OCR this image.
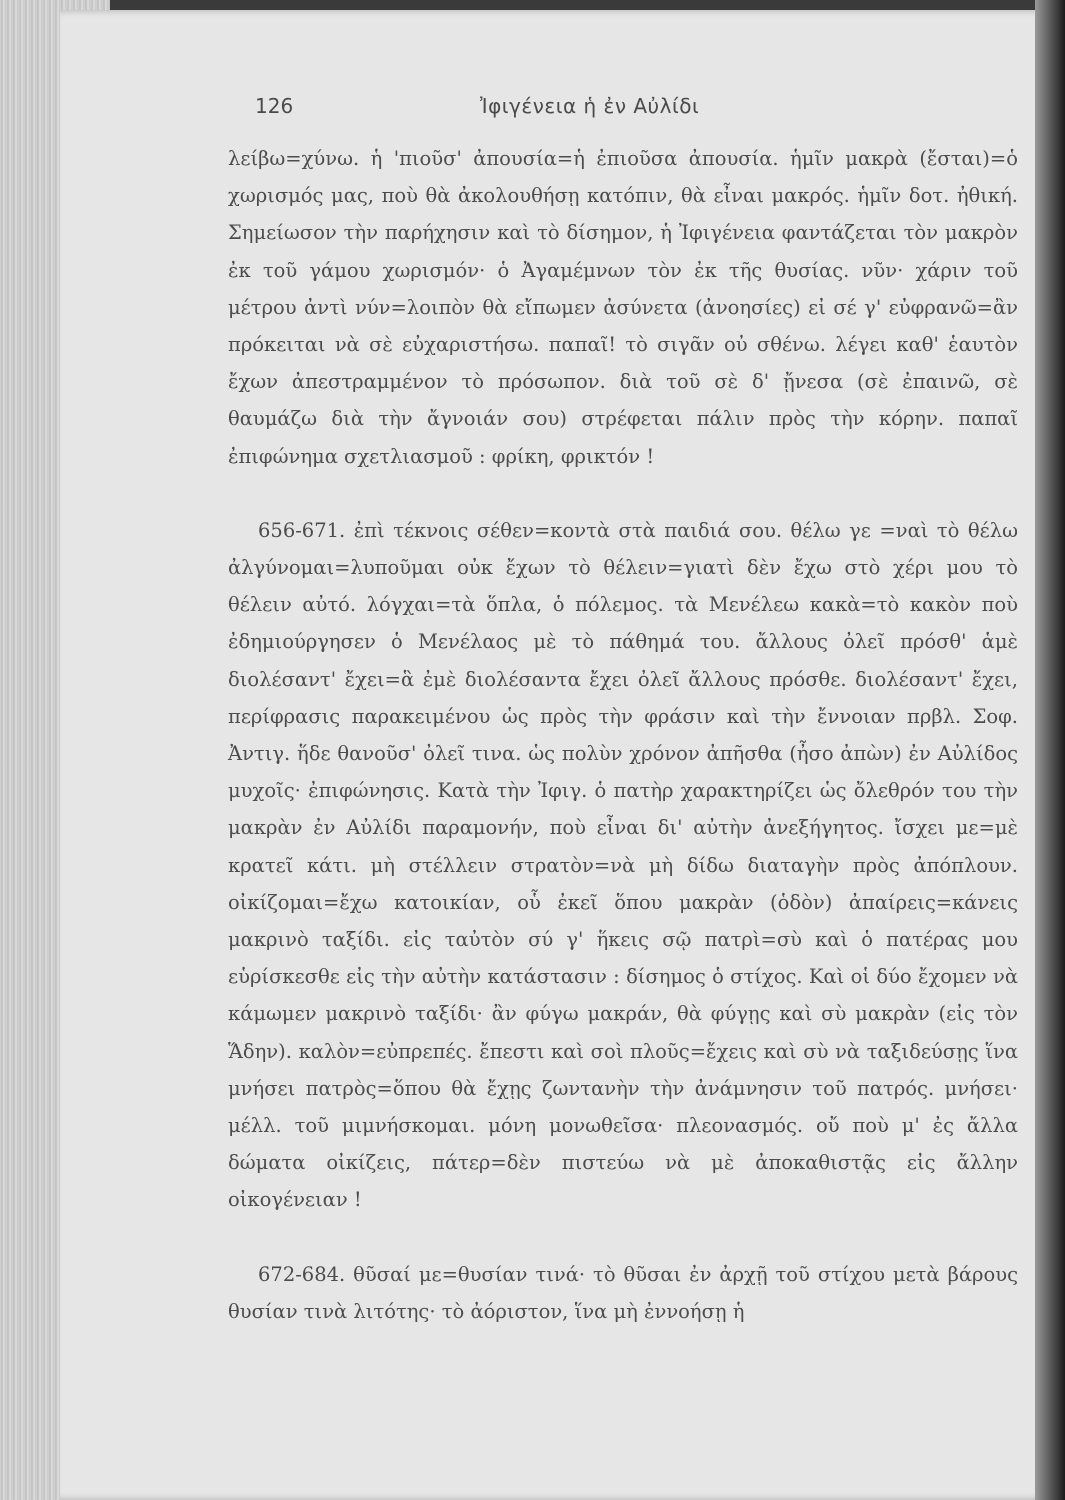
126	Ἰφιγένεια ἡ ἐν Αὐλίδι

λείβω=χύνω. ἡ 'πιοῦσ' ἀπουσία=ἡ ἐπιοῦσα ἀπουσία. ἡμῖν μακρὰ (ἔσται)=ὁ χωρισμός μας, ποὺ θὰ ἀκολουθήσῃ κατόπιν, θὰ εἶναι μακρός. ἡμῖν δοτ. ἠθική. Σημείωσον τὴν παρήχησιν καὶ τὸ δίσημον, ἡ Ἰφιγένεια φαντάζεται τὸν μακρὸν ἐκ τοῦ γάμου χωρισμόν· ὁ Ἀγαμέμνων τὸν ἐκ τῆς θυσίας. νῦν· χάριν τοῦ μέτρου ἀντὶ νύν=λοιπὸν θὰ εἴπωμεν ἀσύνετα (ἀνοησίες) εἰ σέ γ' εὐφρανῶ=ἂν πρόκειται νὰ σὲ εὐχαριστήσω. παπαῖ! τὸ σιγᾶν οὐ σθένω. λέγει καθ' ἑαυτὸν ἔχων ἀπεστραμμένον τὸ πρόσωπον. διὰ τοῦ σὲ δ' ᾔνεσα (σὲ ἐπαινῶ, σὲ θαυμάζω διὰ τὴν ἄγνοιάν σου) στρέφεται πάλιν πρὸς τὴν κόρην. παπαῖ ἐπιφώνημα σχετλιασμοῦ : φρίκη, φρικτόν !

656-671. ἐπὶ τέκνοις σέθεν=κοντὰ στὰ παιδιά σου. θέλω γε =ναὶ τὸ θέλω ἀλγύνομαι=λυποῦμαι οὐκ ἔχων τὸ θέλειν=γιατὶ δὲν ἔχω στὸ χέρι μου τὸ θέλειν αὐτό. λόγχαι=τὰ ὅπλα, ὁ πόλεμος. τὰ Μενέλεω κακὰ=τὸ κακὸν ποὺ ἐδημιούργησεν ὁ Μενέλαος μὲ τὸ πάθημά του. ἄλλους ὀλεῖ πρόσθ' ἁμὲ διολέσαντ' ἔχει=ἃ ἐμὲ διολέσαντα ἔχει ὀλεῖ ἄλλους πρόσθε. διολέσαντ' ἔχει, περίφρασις παρακειμένου ὡς πρὸς τὴν φράσιν καὶ τὴν ἔννοιαν πρβλ. Σοφ. Ἀντιγ. ἥδε θανοῦσ' ὀλεῖ τινα. ὡς πολὺν χρόνον ἀπῆσθα (ἦσο ἀπὼν) ἐν Αὐλίδος μυχοῖς· ἐπιφώνησις. Κατὰ τὴν Ἰφιγ. ὁ πατὴρ χαρακτηρίζει ὡς ὄλεθρόν του τὴν μακρὰν ἐν Αὐλίδι παραμονήν, ποὺ εἶναι δι' αὐτὴν ἀνεξήγητος. ἴσχει με=μὲ κρατεῖ κάτι. μὴ στέλλειν στρατὸν=νὰ μὴ δίδω διαταγὴν πρὸς ἀπόπλουν. οἰκίζομαι=ἔχω κατοικίαν, οὗ ἐκεῖ ὅπου μακρὰν (ὁδὸν) ἀπαίρεις=κάνεις μακρινὸ ταξίδι. εἰς ταὐτὸν σύ γ' ἥκεις σῷ πατρὶ=σὺ καὶ ὁ πατέρας μου εὑρίσκεσθε εἰς τὴν αὐτὴν κατάστασιν : δίσημος ὁ στίχος. Καὶ οἱ δύο ἔχομεν νὰ κάμωμεν μακρινὸ ταξίδι· ἂν φύγω μακράν, θὰ φύγῃς καὶ σὺ μακρὰν (εἰς τὸν Ἅδην). καλὸν=εὐπρεπές. ἔπεστι καὶ σοὶ πλοῦς=ἔχεις καὶ σὺ νὰ ταξιδεύσῃς ἵνα μνήσει πατρὸς=ὅπου θὰ ἔχῃς ζωντανὴν τὴν ἀνάμνησιν τοῦ πατρός. μνήσει· μέλλ. τοῦ μιμνήσκομαι. μόνη μονωθεῖσα· πλεονασμός. οὔ ποὺ μ' ἐς ἄλλα δώματα οἰκίζεις, πάτερ=δὲν πιστεύω νὰ μὲ ἀποκαθιστᾷς εἰς ἄλλην οἰκογένειαν !

672-684. θῦσαί με=θυσίαν τινά· τὸ θῦσαι ἐν ἀρχῇ τοῦ στίχου μετὰ βάρους θυσίαν τινὰ λιτότης· τὸ ἀόριστον, ἵνα μὴ ἐννοήσῃ ἡ
